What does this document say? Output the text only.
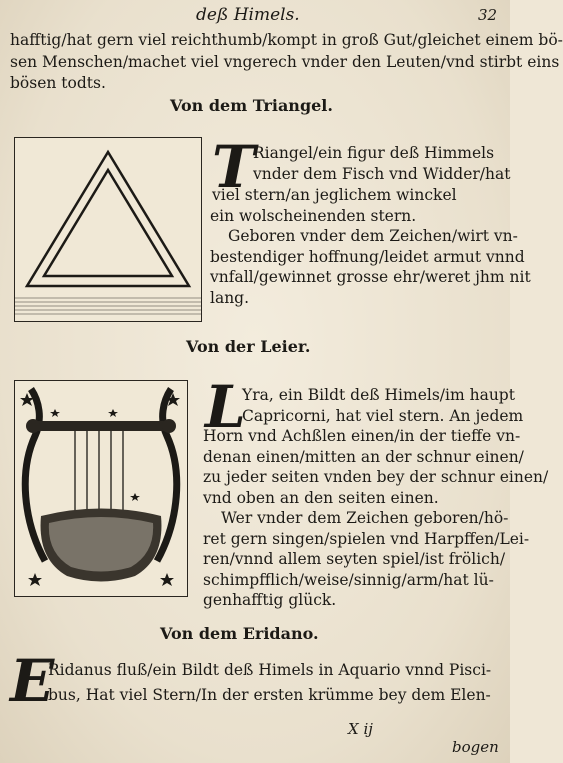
deß Himels.	32
hafftig/hat gern viel reichthumb/kompt in groß Gut/gleichet einem bö-
sen Menschen/machet viel vngerech vnder den Leuten/vnd stirbt eins
bösen todts.
Von dem Triangel.
T
Riangel/ein figur deß Himmels
vnder dem Fisch vnd Widder/hat
viel stern/an jeglichem winckel
ein wolscheinenden stern.
Geboren vnder dem Zeichen/wirt vn-
bestendiger hoffnung/leidet armut vnnd
vnfall/gewinnet grosse ehr/weret jhm nit
lang.
Von der Leier.
L
Yra, ein Bildt deß Himels/im haupt
Capricorni, hat viel stern. An jedem
Horn vnd Achßlen einen/in der tieffe vn-
denan einen/mitten an der schnur einen/
zu jeder seiten vnden bey der schnur einen/
vnd oben an den seiten einen.
Wer vnder dem Zeichen geboren/hö-
ret gern singen/spielen vnd Harpffen/Lei-
ren/vnnd allem seyten spiel/ist frölich/
schimpfflich/weise/sinnig/arm/hat lü-
genhafftig glück.
Von dem Eridano.
E
Ridanus fluß/ein Bildt deß Himels in Aquario vnnd Pisci-
bus, Hat viel Stern/In der ersten krümme bey dem Elen-
X ij
bogen
